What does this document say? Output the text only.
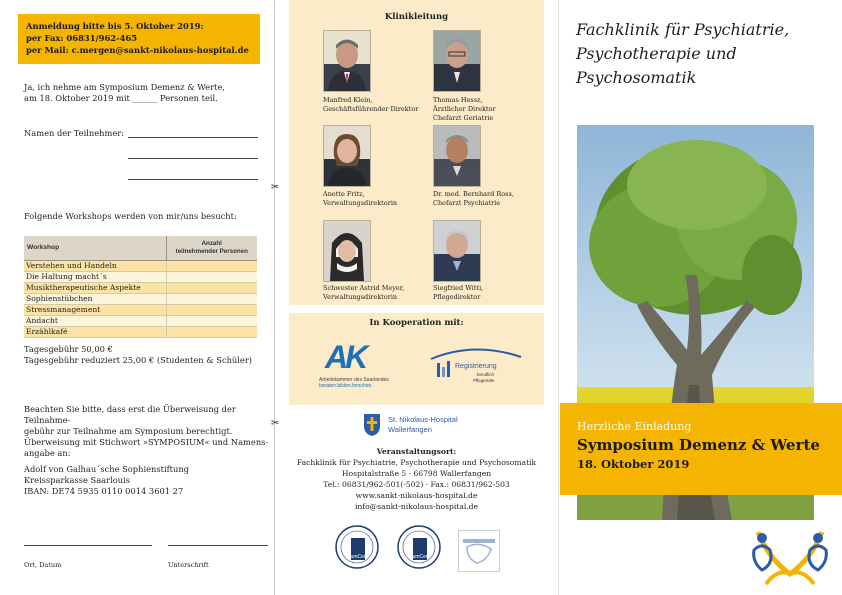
Anmeldung bitte bis 5. Oktober 2019:
per Fax: 06831/962-465
per Mail: c.mergen@sankt-nikolaus-hospital.de
Ja, ich nehme am Symposium Demenz & Werte,
am 18. Oktober 2019 mit ______ Personen teil.
Namen der Teilnehmer:
Folgende Workshops werden von mir/uns besucht:
Workshop	Anzahl
teilnehmender Personen

Verstehen und Handeln	
Die Haltung macht´s	
Musiktherapeutische Aspekte	
Sophienstübchen	
Stressmanagement	
Andacht	
Erzählkafé	
Tagesgebühr 50,00 €
Tagesgebühr reduziert 25,00 € (Studenten & Schüler)
Beachten Sie bitte, dass erst die Überweisung der Teilnahme-
gebühr zur Teilnahme am Symposium berechtigt.
Überweisung mit Stichwort »SYMPOSIUM« und Namens-
angabe an:
Adolf von Galhau´sche Sophienstiftung
Kreissparkasse Saarlouis
IBAN: DE74 5935 0110 0014 3601 27
Ort, Datum	Unterschrift
✂
✂
Klinikleitung
Manfred Klein,
Geschäftsführender Direktor
Thomas Hessz,
Ärztlicher Direktor
Chefarzt Geriatrie
Anette Fritz,
Verwaltungsdirektorin
Dr. med. Bernhard Ross,
Chefarzt Psychiatrie
Schwester Astrid Meyer,
Verwaltungsdirektorin
Siegfried Witti,
Pflegedirektor
In Kooperation mit:
AK
Arbeitskammer des Saarlandes
beraten.bilden.forschen.
Registrierung
beruflich
Pflegender
St. Nikolaus-Hospital
Wallerfangen
Veranstaltungsort:
Fachklinik für Psychiatrie, Psychotherapie und Psychosomatik
Hospitalstraße 5 · 66798 Wallerfangen
Tel.: 06831/962-501(-502) · Fax.: 06831/962-503
www.sankt-nikolaus-hospital.de
info@sankt-nikolaus-hospital.de
CumCert	CumCert
Fachklinik für Psychiatrie,
Psychotherapie und
Psychosomatik
Herzliche Einladung
Symposium Demenz & Werte
18. Oktober 2019
